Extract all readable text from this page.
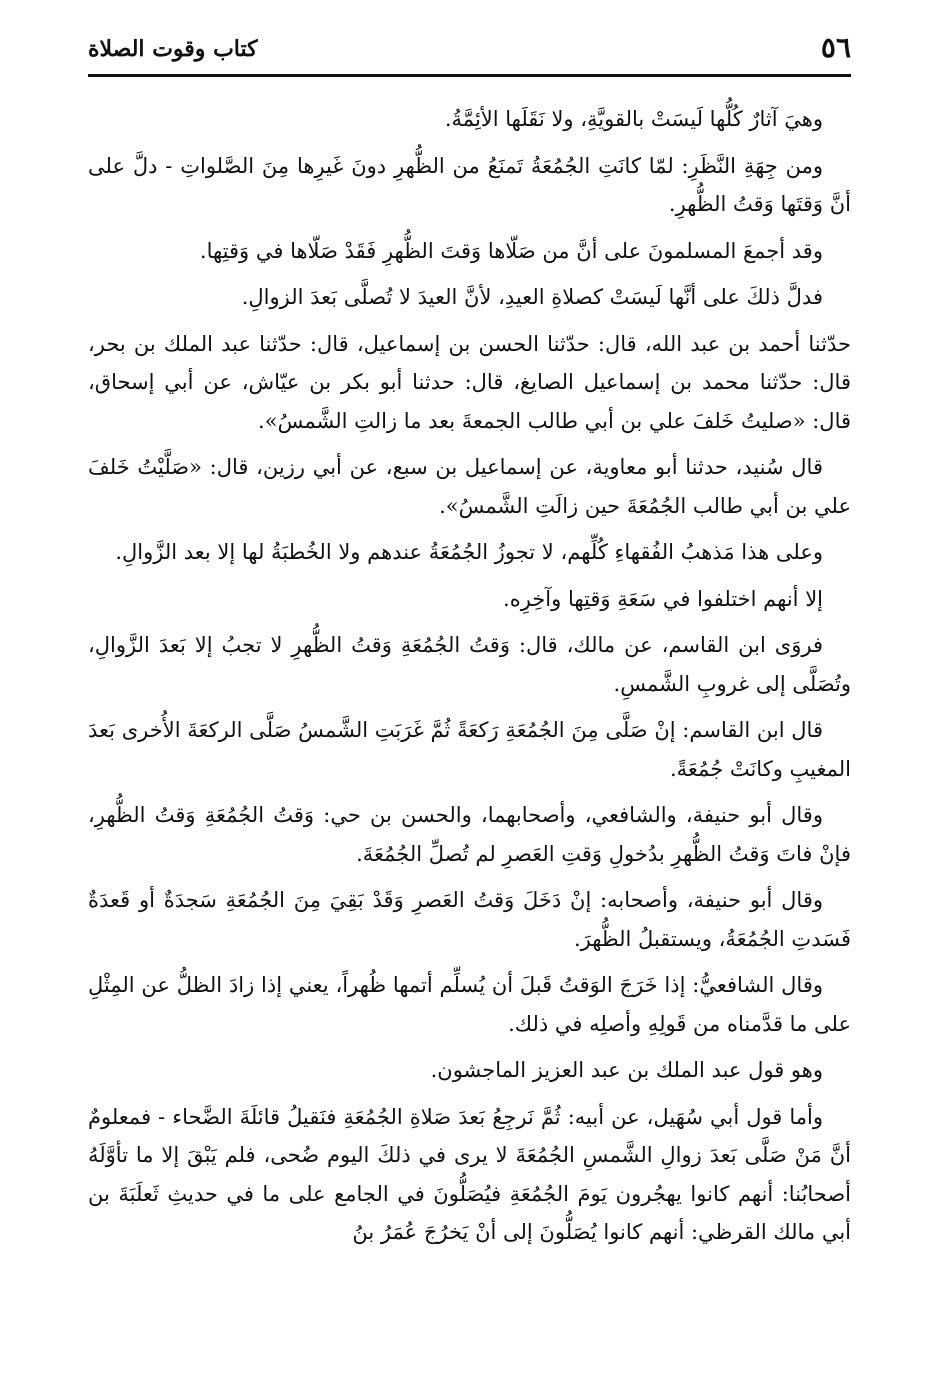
٥٦
كتاب وقوت الصلاة

وهيَ آثارٌ كُلُّها لَيسَتْ بالقويَّةِ، ولا نَقَلَها الأئِمَّةُ.

ومن جِهَةِ النَّظَرِ: لمّا كانَتِ الجُمُعَةُ تَمنَعُ من الظُّهرِ دونَ غَيرِها مِنَ الصَّلواتِ - دلَّ على أنَّ وَقتَها وَقتُ الظُّهرِ.

وقد أجمعَ المسلمونَ على أنَّ من صَلّاها وَقتَ الظُّهرِ فَقَدْ صَلّاها في وَقتِها.

فدلَّ ذلكَ على أنَّها لَيسَتْ كصلاةِ العيدِ، لأنَّ العيدَ لا تُصلَّى بَعدَ الزوالِ.

حدّثنا أحمد بن عبد الله، قال: حدّثنا الحسن بن إسماعيل، قال: حدّثنا عبد الملك بن بحر، قال: حدّثنا محمد بن إسماعيل الصايغ، قال: حدثنا أبو بكر بن عيّاش، عن أبي إسحاق، قال: «صليتُ خَلفَ علي بن أبي طالب الجمعةَ بعد ما زالتِ الشَّمسُ».

قال سُنيد، حدثنا أبو معاوية، عن إسماعيل بن سبع، عن أبي رزين، قال: «صَلَّيْتُ خَلفَ علي بن أبي طالب الجُمُعَةَ حين زالَتِ الشَّمسُ».

وعلى هذا مَذهبُ الفُقهاءِ كُلِّهم، لا تجوزُ الجُمُعَةُ عندهم ولا الخُطبَةُ لها إلا بعد الزَّوالِ.

إلا أنهم اختلفوا في سَعَةِ وَقتِها وآخِرِه.

فروَى ابن القاسم، عن مالك، قال: وَقتُ الجُمُعَةِ وَقتُ الظُّهرِ لا تجبُ إلا بَعدَ الزَّوالِ، وتُصَلَّى إلى غروبِ الشَّمسِ.

قال ابن القاسم: إنْ صَلَّى مِنَ الجُمُعَةِ رَكعَةً ثُمَّ غَرَبَتِ الشَّمسُ صَلَّى الركعَةَ الأُخرى بَعدَ المغيبِ وكانَتْ جُمُعَةً.

وقال أبو حنيفة، والشافعي، وأصحابهما، والحسن بن حي: وَقتُ الجُمُعَةِ وَقتُ الظُّهرِ، فإنْ فاتَ وَقتُ الظُّهرِ بدُخولِ وَقتِ العَصرِ لم تُصلِّ الجُمُعَةَ.

وقال أبو حنيفة، وأصحابه: إنْ دَخَلَ وَقتُ العَصرِ وَقَدْ بَقِيَ مِنَ الجُمُعَةِ سَجدَةٌ أو قَعدَةٌ فَسَدتِ الجُمُعَةُ، ويستقبلُ الظُّهرَ.

وقال الشافعيُّ: إذا خَرَجَ الوَقتُ قَبلَ أن يُسلِّم أتمها ظُهراً، يعني إذا زادَ الظلُّ عن المِثْلِ على ما قدَّمناه من قَولِهِ وأصلِه في ذلك.

وهو قول عبد الملك بن عبد العزيز الماجشون.

وأما قول أبي سُهَيل، عن أبيه: ثُمَّ نَرجِعُ بَعدَ صَلاةِ الجُمُعَةِ فنَقيلُ قائلَةَ الضَّحاء - فمعلومٌ أنَّ مَنْ صَلَّى بَعدَ زوالِ الشَّمسِ الجُمُعَةَ لا يرى في ذلكَ اليوم ضُحى، فلم يَبْقَ إلا ما تأوَّلَهُ أصحابُنا: أنهم كانوا يهجُرون يَومَ الجُمُعَةِ فيُصَلُّونَ في الجامع على ما في حديثِ ثَعلَبَةَ بن أبي مالك القرظي: أنهم كانوا يُصَلُّونَ إلى أنْ يَخرُجَ عُمَرُ بنُ
